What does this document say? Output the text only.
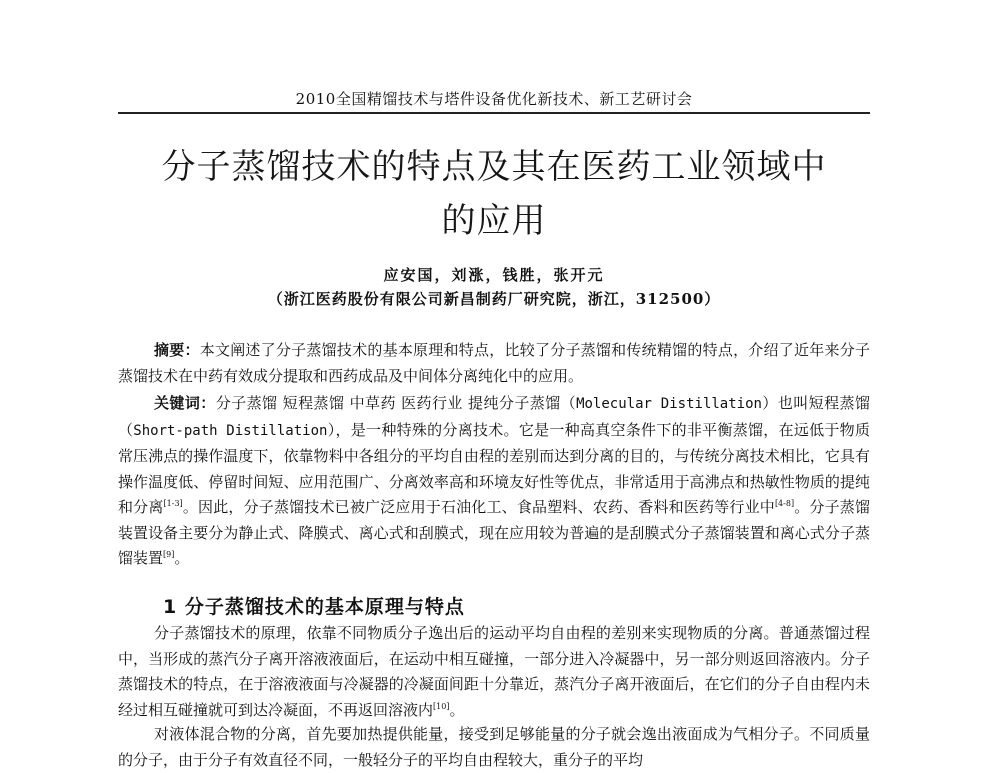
2010全国精馏技术与塔件设备优化新技术、新工艺研讨会
分子蒸馏技术的特点及其在医药工业领域中
的应用
应安国，刘涨，钱胜，张开元
（浙江医药股份有限公司新昌制药厂研究院，浙江，312500）
摘要：本文阐述了分子蒸馏技术的基本原理和特点，比较了分子蒸馏和传统精馏的特点，介绍了近年来分子蒸馏技术在中药有效成分提取和西药成品及中间体分离纯化中的应用。
关键词：分子蒸馏 短程蒸馏 中草药 医药行业 提纯分子蒸馏（Molecular Distillation）也叫短程蒸馏（Short-path Distillation），是一种特殊的分离技术。它是一种高真空条件下的非平衡蒸馏，在远低于物质常压沸点的操作温度下，依靠物料中各组分的平均自由程的差别而达到分离的目的，与传统分离技术相比，它具有操作温度低、停留时间短、应用范围广、分离效率高和环境友好性等优点，非常适用于高沸点和热敏性物质的提纯和分离[1-3]。因此，分子蒸馏技术已被广泛应用于石油化工、食品塑料、农药、香料和医药等行业中[4-8]。分子蒸馏装置设备主要分为静止式、降膜式、离心式和刮膜式，现在应用较为普遍的是刮膜式分子蒸馏装置和离心式分子蒸馏装置[9]。
1 分子蒸馏技术的基本原理与特点
分子蒸馏技术的原理，依靠不同物质分子逸出后的运动平均自由程的差别来实现物质的分离。普通蒸馏过程中，当形成的蒸汽分子离开溶液液面后，在运动中相互碰撞，一部分进入冷凝器中，另一部分则返回溶液内。分子蒸馏技术的特点，在于溶液液面与冷凝器的冷凝面间距十分靠近，蒸汽分子离开液面后，在它们的分子自由程内未经过相互碰撞就可到达冷凝面，不再返回溶液内[10]。
对液体混合物的分离，首先要加热提供能量，接受到足够能量的分子就会逸出液面成为气相分子。不同质量的分子，由于分子有效直径不同，一般轻分子的平均自由程较大，重分子的平均
